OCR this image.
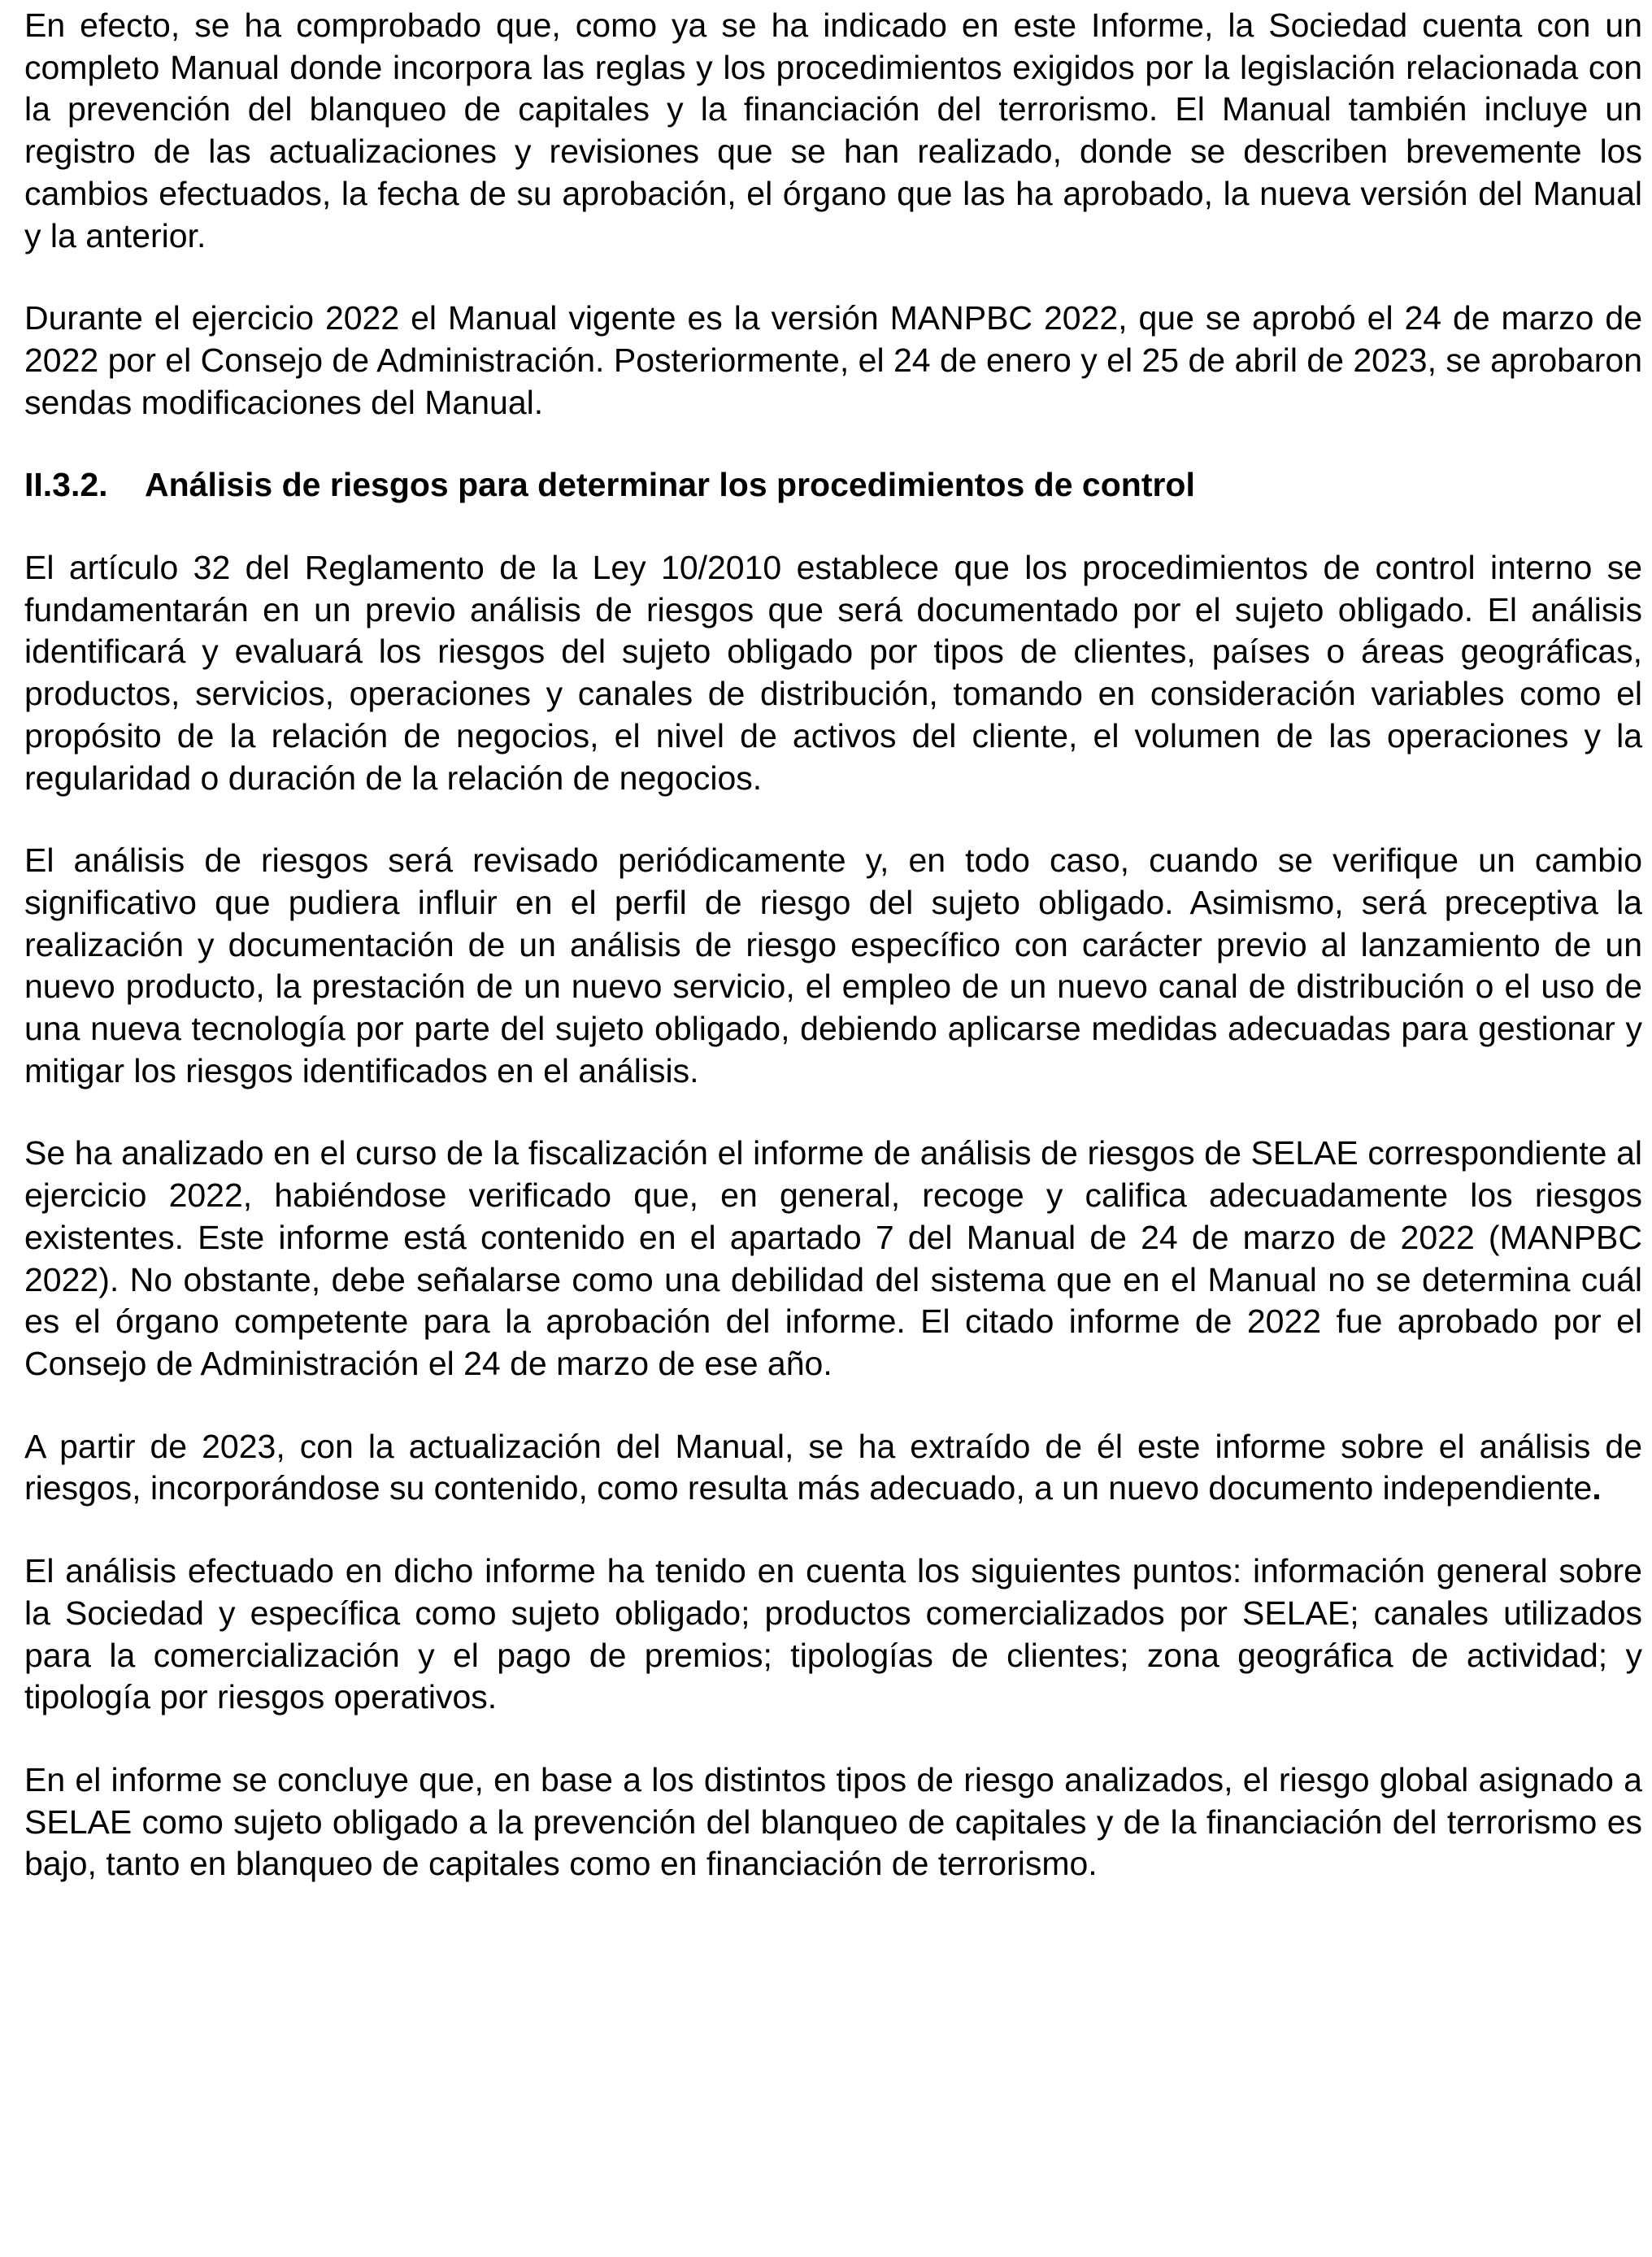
En efecto, se ha comprobado que, como ya se ha indicado en este Informe, la Sociedad cuenta con un completo Manual donde incorpora las reglas y los procedimientos exigidos por la legislación relacionada con la prevención del blanqueo de capitales y la financiación del terrorismo. El Manual también incluye un registro de las actualizaciones y revisiones que se han realizado, donde se describen brevemente los cambios efectuados, la fecha de su aprobación, el órgano que las ha aprobado, la nueva versión del Manual y la anterior.

Durante el ejercicio 2022 el Manual vigente es la versión MANPBC 2022, que se aprobó el 24 de marzo de 2022 por el Consejo de Administración. Posteriormente, el 24 de enero y el 25 de abril de 2023, se aprobaron sendas modificaciones del Manual.

II.3.2. Análisis de riesgos para determinar los procedimientos de control

El artículo 32 del Reglamento de la Ley 10/2010 establece que los procedimientos de control interno se fundamentarán en un previo análisis de riesgos que será documentado por el sujeto obligado. El análisis identificará y evaluará los riesgos del sujeto obligado por tipos de clientes, países o áreas geográficas, productos, servicios, operaciones y canales de distribución, tomando en consideración variables como el propósito de la relación de negocios, el nivel de activos del cliente, el volumen de las operaciones y la regularidad o duración de la relación de negocios.

El análisis de riesgos será revisado periódicamente y, en todo caso, cuando se verifique un cambio significativo que pudiera influir en el perfil de riesgo del sujeto obligado. Asimismo, será preceptiva la realización y documentación de un análisis de riesgo específico con carácter previo al lanzamiento de un nuevo producto, la prestación de un nuevo servicio, el empleo de un nuevo canal de distribución o el uso de una nueva tecnología por parte del sujeto obligado, debiendo aplicarse medidas adecuadas para gestionar y mitigar los riesgos identificados en el análisis.

Se ha analizado en el curso de la fiscalización el informe de análisis de riesgos de SELAE correspondiente al ejercicio 2022, habiéndose verificado que, en general, recoge y califica adecuadamente los riesgos existentes. Este informe está contenido en el apartado 7 del Manual de 24 de marzo de 2022 (MANPBC 2022). No obstante, debe señalarse como una debilidad del sistema que en el Manual no se determina cuál es el órgano competente para la aprobación del informe. El citado informe de 2022 fue aprobado por el Consejo de Administración el 24 de marzo de ese año.

A partir de 2023, con la actualización del Manual, se ha extraído de él este informe sobre el análisis de riesgos, incorporándose su contenido, como resulta más adecuado, a un nuevo documento independiente.

El análisis efectuado en dicho informe ha tenido en cuenta los siguientes puntos: información general sobre la Sociedad y específica como sujeto obligado; productos comercializados por SELAE; canales utilizados para la comercialización y el pago de premios; tipologías de clientes; zona geográfica de actividad; y tipología por riesgos operativos.

En el informe se concluye que, en base a los distintos tipos de riesgo analizados, el riesgo global asignado a SELAE como sujeto obligado a la prevención del blanqueo de capitales y de la financiación del terrorismo es bajo, tanto en blanqueo de capitales como en financiación de terrorismo.
